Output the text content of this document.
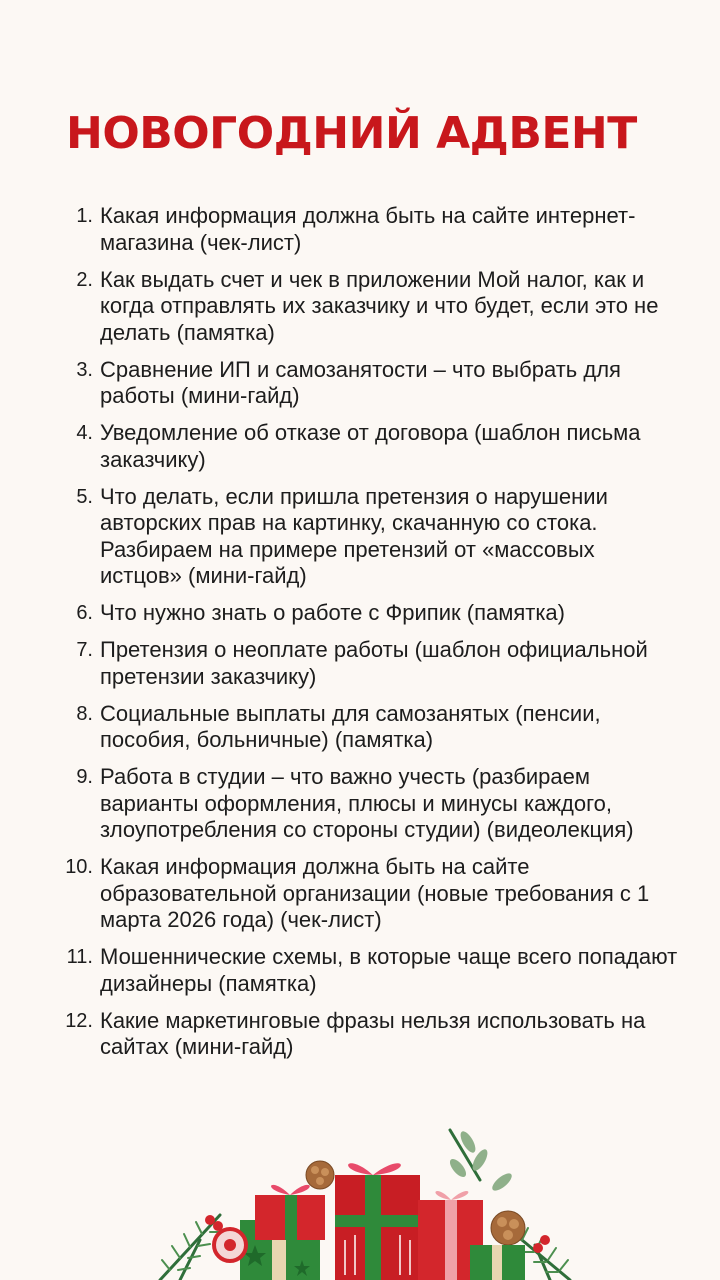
НОВОГОДНИЙ АДВЕНТ
1. Какая информация должна быть на сайте интернет-магазина (чек-лист)
2. Как выдать счет и чек в приложении Мой налог, как и когда отправлять их заказчику и что будет, если это не делать (памятка)
3. Сравнение ИП и самозанятости – что выбрать для работы (мини-гайд)
4. Уведомление об отказе от договора (шаблон письма заказчику)
5. Что делать, если пришла претензия о нарушении авторских прав на картинку, скачанную со стока. Разбираем на примере претензий от «массовых истцов» (мини-гайд)
6. Что нужно знать о работе с Фрипик (памятка)
7. Претензия о неоплате работы (шаблон официальной претензии заказчику)
8. Социальные выплаты для самозанятых (пенсии, пособия, больничные) (памятка)
9. Работа в студии – что важно учесть (разбираем варианты оформления, плюсы и минусы каждого, злоупотребления со стороны студии) (видеолекция)
10. Какая информация должна быть на сайте образовательной организации (новые требования с 1 марта 2026 года) (чек-лист)
11. Мошеннические схемы, в которые чаще всего попадают дизайнеры (памятка)
12. Какие маркетинговые фразы нельзя использовать на сайтах (мини-гайд)
